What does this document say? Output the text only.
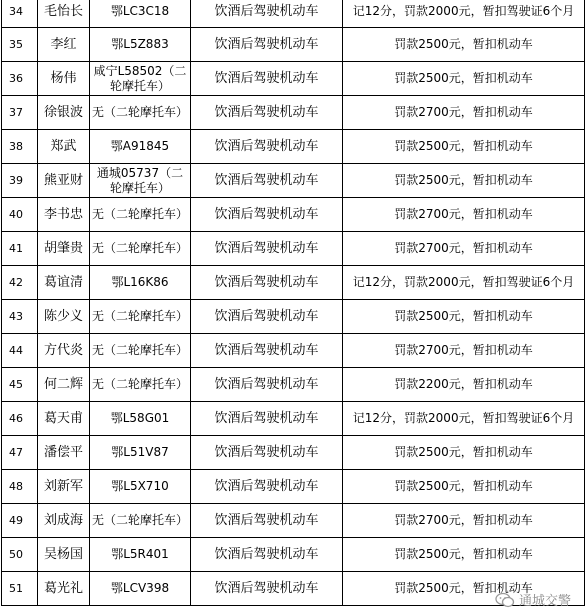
34	毛怡长	鄂LC3C18	饮酒后驾驶机动车	记12分，罚款2000元，暂扣驾驶证6个月
35	李红	鄂L5Z883	饮酒后驾驶机动车	罚款2500元，暂扣机动车
36	杨伟	咸宁L58502（二轮摩托车）	饮酒后驾驶机动车	罚款2500元，暂扣机动车
37	徐银波	无（二轮摩托车）	饮酒后驾驶机动车	罚款2700元，暂扣机动车
38	郑武	鄂A91845	饮酒后驾驶机动车	罚款2500元，暂扣机动车
39	熊亚财	通城05737（二轮摩托车）	饮酒后驾驶机动车	罚款2500元，暂扣机动车
40	李书忠	无（二轮摩托车）	饮酒后驾驶机动车	罚款2700元，暂扣机动车
41	胡肇贵	无（二轮摩托车）	饮酒后驾驶机动车	罚款2700元，暂扣机动车
42	葛谊清	鄂L16K86	饮酒后驾驶机动车	记12分，罚款2000元，暂扣驾驶证6个月
43	陈少义	无（二轮摩托车）	饮酒后驾驶机动车	罚款2500元，暂扣机动车
44	方代炎	无（二轮摩托车）	饮酒后驾驶机动车	罚款2700元，暂扣机动车
45	何二辉	无（二轮摩托车）	饮酒后驾驶机动车	罚款2200元，暂扣机动车
46	葛天甫	鄂L58G01	饮酒后驾驶机动车	记12分，罚款2000元，暂扣驾驶证6个月
47	潘偿平	鄂L51V87	饮酒后驾驶机动车	罚款2500元，暂扣机动车
48	刘新军	鄂L5X710	饮酒后驾驶机动车	罚款2500元，暂扣机动车
49	刘成海	无（二轮摩托车）	饮酒后驾驶机动车	罚款2700元，暂扣机动车
50	吴杨国	鄂L5R401	饮酒后驾驶机动车	罚款2500元，暂扣机动车
51	葛光礼	鄂LCV398	饮酒后驾驶机动车	罚款2500元，暂扣机动车
通城交警
